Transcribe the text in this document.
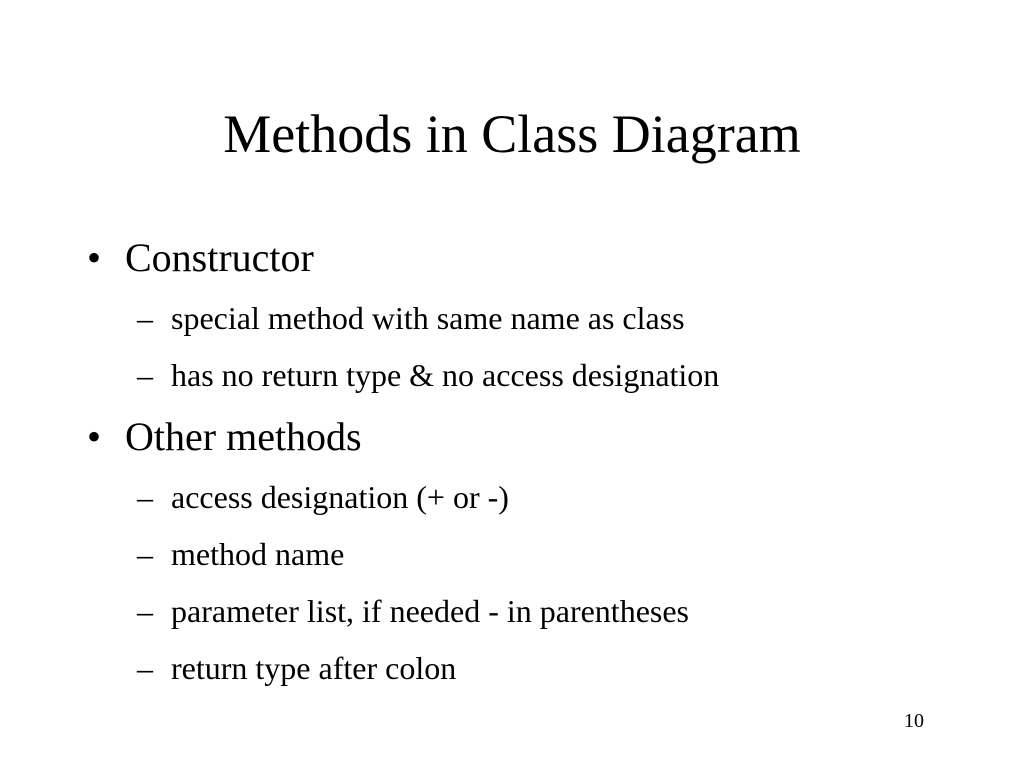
Methods in Class Diagram
• Constructor
– special method with same name as class
– has no return type & no access designation
• Other methods
– access designation (+ or -)
– method name
– parameter list, if needed - in parentheses
– return type after colon
10
